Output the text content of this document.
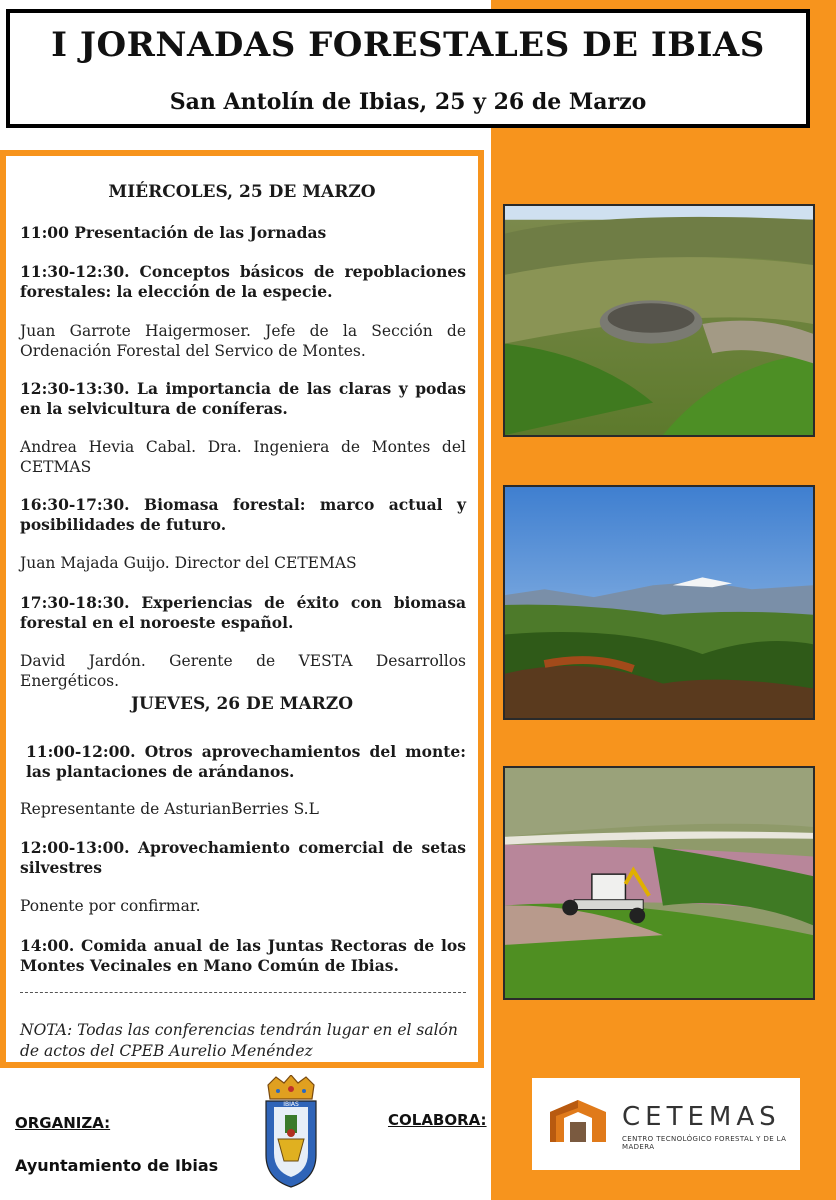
I JORNADAS FORESTALES DE IBIAS
San Antolín de Ibias, 25 y 26 de Marzo
MIÉRCOLES, 25 DE MARZO
11:00 Presentación de las Jornadas
11:30-12:30. Conceptos básicos de repoblaciones forestales: la elección de la especie.
Juan Garrote Haigermoser. Jefe de la Sección de Ordenación Forestal del Servico de Montes.
12:30-13:30. La importancia de las claras y podas en la selvicultura de coníferas.
Andrea Hevia Cabal. Dra. Ingeniera de Montes del CETMAS
16:30-17:30. Biomasa forestal: marco actual y posibilidades de futuro.
Juan Majada Guijo. Director del CETEMAS
17:30-18:30. Experiencias de éxito con biomasa forestal en el noroeste español.
David Jardón. Gerente de VESTA Desarrollos Energéticos.
JUEVES, 26 DE MARZO
11:00-12:00. Otros aprovechamientos del monte: las plantaciones de arándanos.
Representante de AsturianBerries S.L
12:00-13:00. Aprovechamiento comercial de setas silvestres
Ponente por confirmar.
14:00. Comida anual de las Juntas Rectoras de los Montes Vecinales en Mano Común de Ibias.
NOTA: Todas las conferencias tendrán lugar en el salón de actos del CPEB Aurelio Menéndez
ORGANIZA:
Ayuntamiento de Ibias
IBIAS
COLABORA:	CETEMAS
CENTRO TECNOLÓGICO FORESTAL Y DE LA MADERA
